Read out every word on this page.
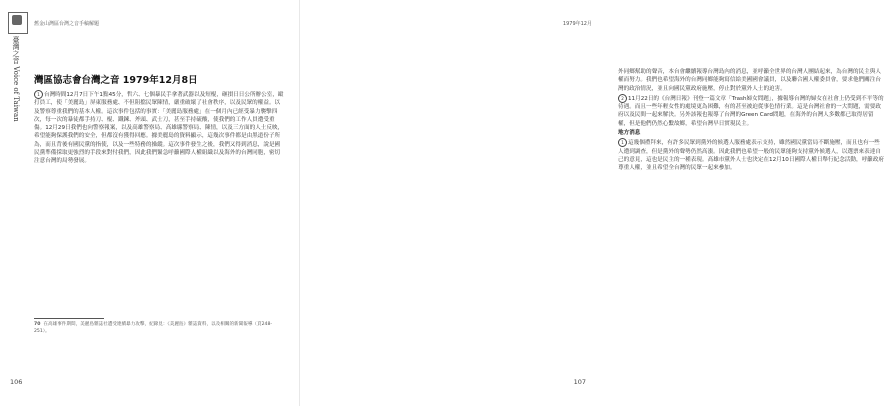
臺灣之音 Voice of Taiwan
舊金山灣區台灣之音手稿解題
灣區協志會台灣之音 1979年12月8日

1 台灣時間12月7日下午1點45分，哲六、七個暴民手拿著武器以及短棍，砸損日日公所辦公室，毆打員工，使「美麗島」屏東服務處、不但阻擋民眾陳情，嚴重破壞了社會秩序，以及民眾的權益。以及警察尊重我們的基本人權。這次事件包括的事實：「美麗島服務處」在一個月內已經受暴力襲擊四次，每一次的暴徒都手持刀、棍、鐵鍊、斧頭、武士刀，甚至手持硫酸，使我們的工作人員遭受重傷。12月29日我們也向警察報案，以及高雄警察局、高雄縣警察局、陳情，以及三方面的人士反映，希望能夠保護我們的安全，但都沒有獲得回應。據美麗島的資料顯示，這幾次事件都是由黑道份子所為，而且背後有國民黨的指使，以及一些特務的操縱。這次事件發生之後，我們又得到消息，說是國民黨準備採取更強烈的手段來對付我們，因此我們緊急呼籲國際人權組織以及海外的台灣同胞，密切注意台灣的局勢發展。

70 在高雄事件期間，美麗島雜誌社遭受連續暴力攻擊，紀錄見：《美麗島》雜誌資料，以及相關的新聞報導（頁248-251）。
106
1979年12月

外同鄉幫助的聲音，本台會繼續報導台灣島內的消息，並呼籲全世界的台灣人團結起來，為台灣的民主與人權而努力。我們也希望海外的台灣同鄉能夠寫信給美國國會議員，以及聯合國人權委員會，要求他們關注台灣的政治情況，並且向國民黨政府施壓，停止對於黨外人士的迫害。

2 11月22日的《台灣日報》刊登一篇文章「Trash婦女問題」，據報導台灣的婦女在社會上仍受到不平等的待遇。而且一些年輕女性的處境更為困難，有的甚至被迫從事色情行業。這是台灣社會的一大問題，需要政府以及民間一起來解決。另外該報也報導了台灣的Green Card問題，在海外的台灣人多數都已取得居留權，但是他們仍然心繫故鄉，希望台灣早日實現民主。

地方消息

1 這幾個禮拜來，有許多民眾到黨外的候選人服務處表示支持，雖然國民黨當局不斷施壓，而且也有一些人遭到調查，但是黨外的聲勢仍然高漲。因此我們也希望一般的民眾能夠支持黨外候選人，以選票來表達自己的意見，這也是民主的一種表現。高雄市黨外人士也決定在12月10日國際人權日舉行紀念活動，呼籲政府尊重人權，並且希望全台灣的民眾一起來參加。

107
